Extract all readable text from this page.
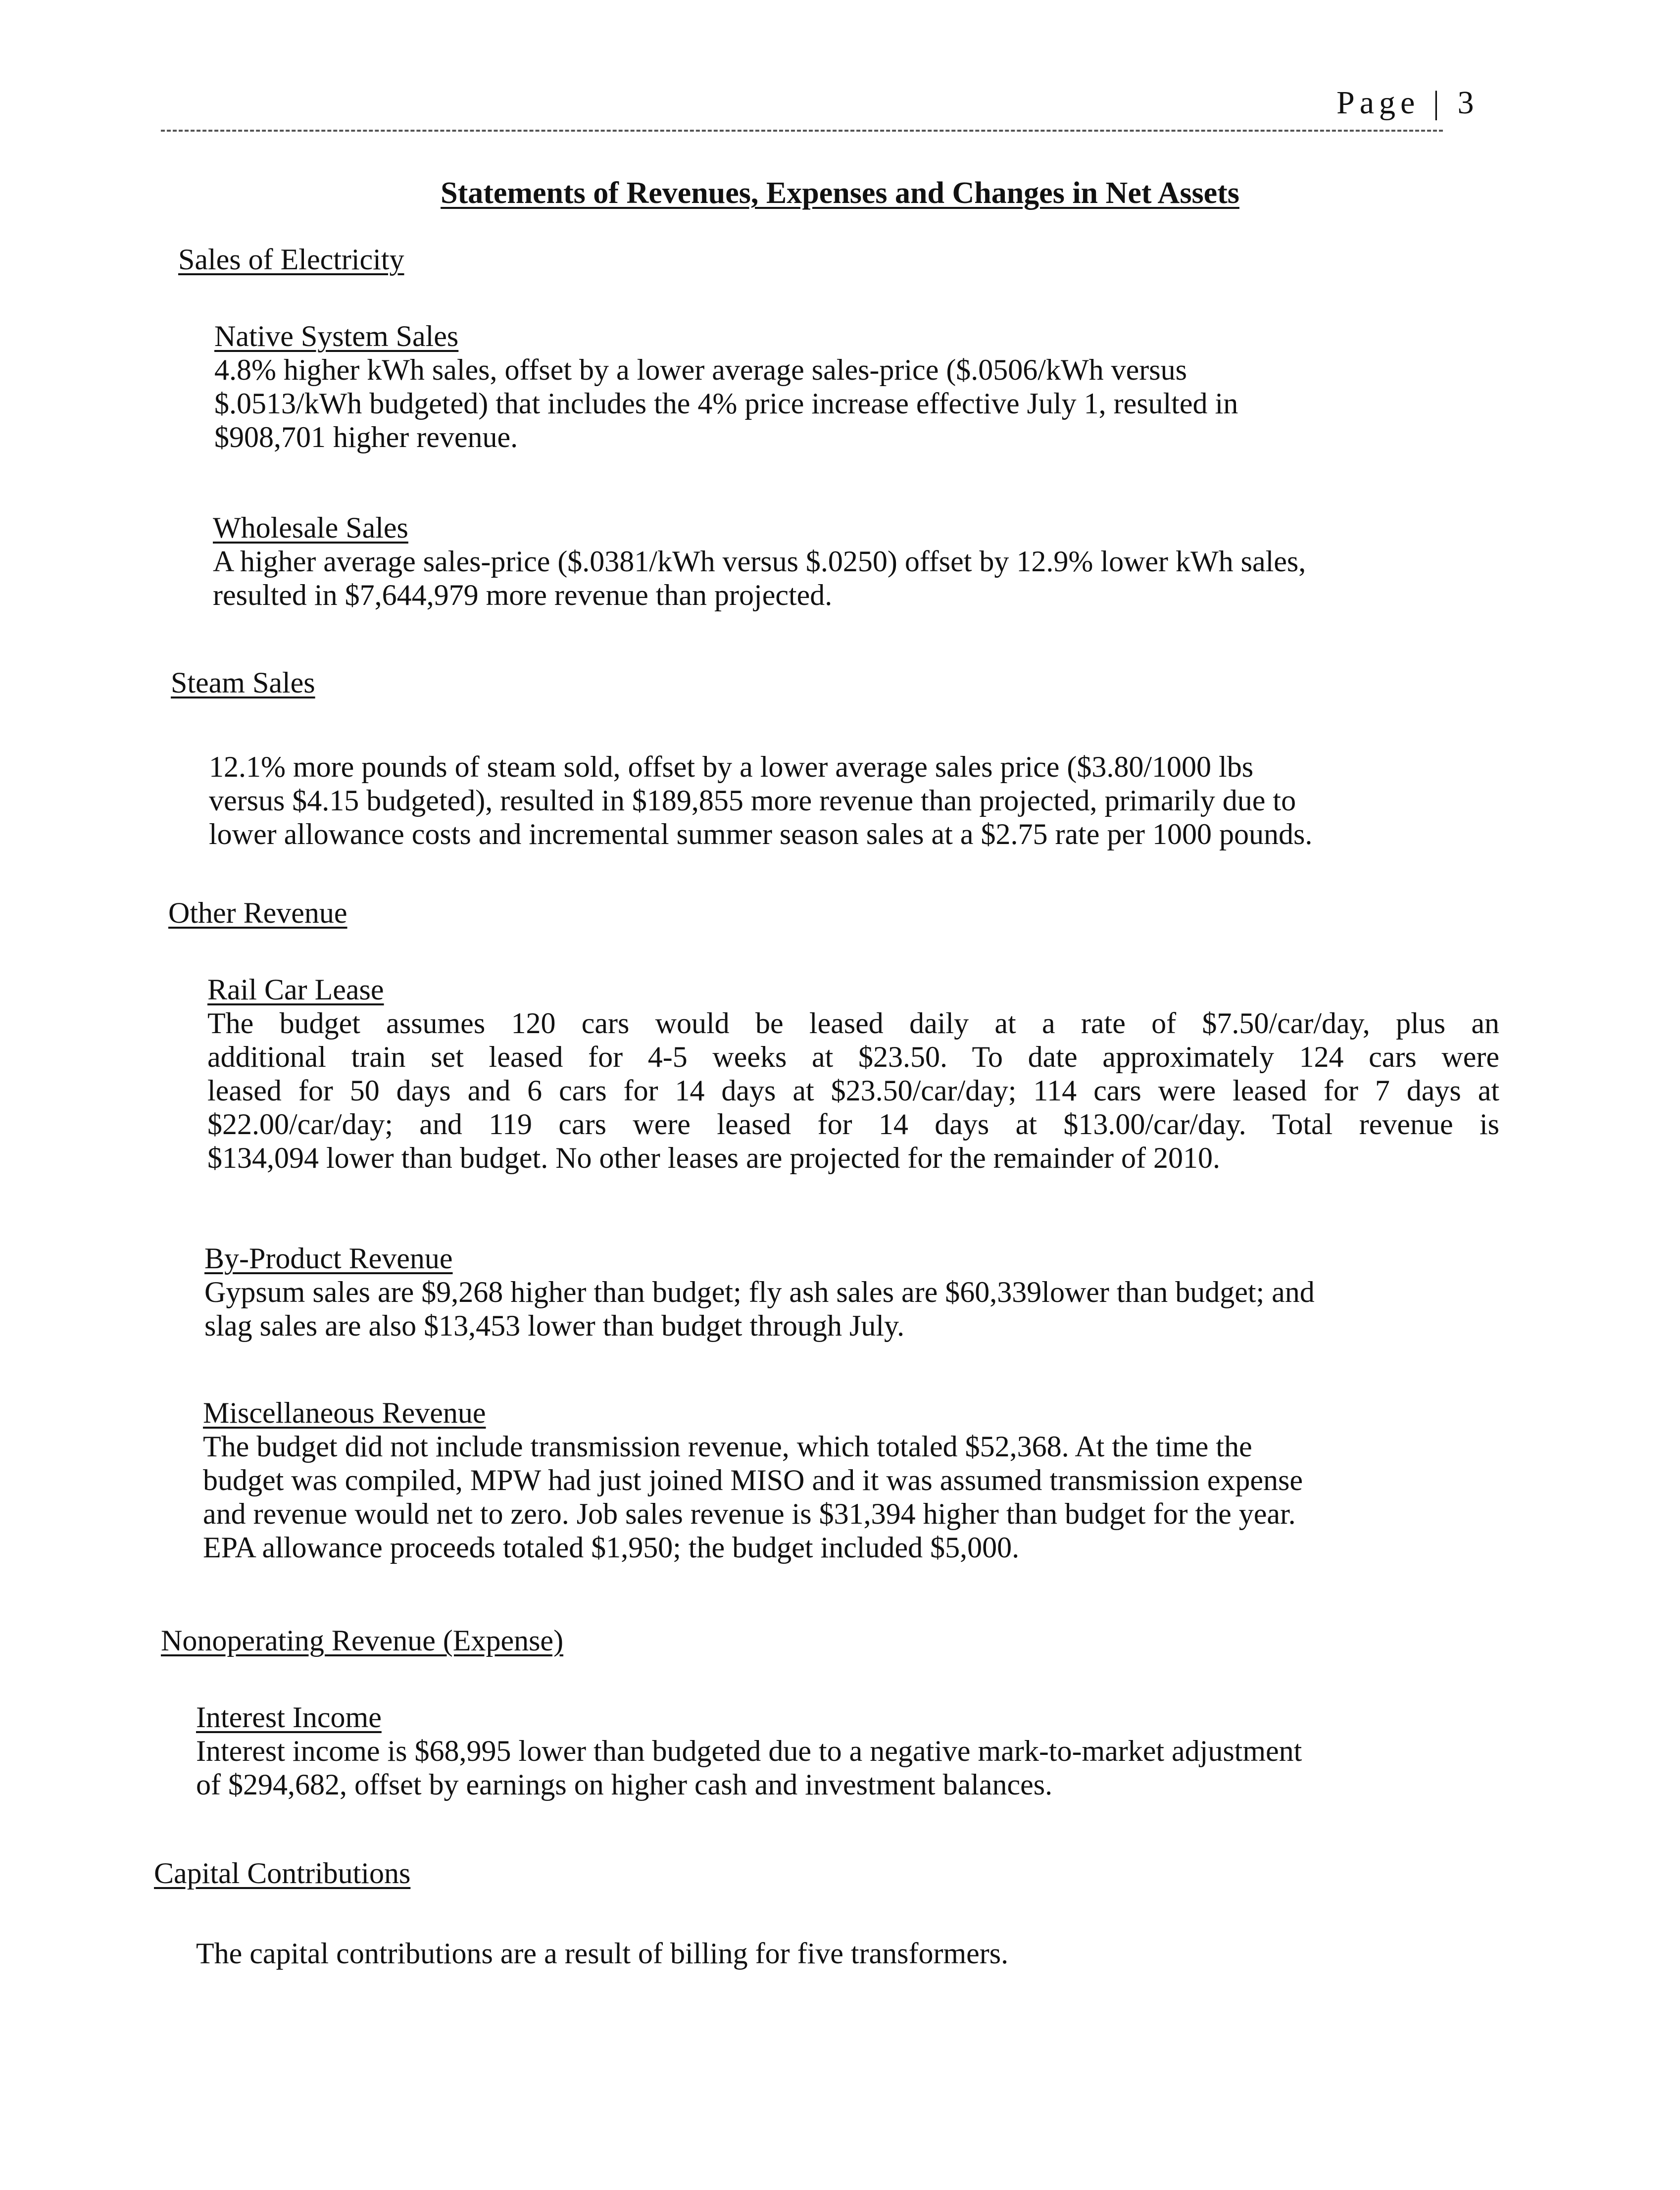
Page | 3
Statements of Revenues, Expenses and Changes in Net Assets
Sales of Electricity
Native System Sales
4.8% higher kWh sales, offset by a lower average sales-price ($.0506/kWh versus
$.0513/kWh budgeted) that includes the 4% price increase effective July 1, resulted in
$908,701 higher revenue.
Wholesale Sales
A higher average sales-price ($.0381/kWh versus $.0250) offset by 12.9% lower kWh sales,
resulted in $7,644,979 more revenue than projected.
Steam Sales
12.1% more pounds of steam sold, offset by a lower average sales price ($3.80/1000 lbs
versus $4.15 budgeted), resulted in $189,855 more revenue than projected, primarily due to
lower allowance costs and incremental summer season sales at a $2.75 rate per 1000 pounds.
Other Revenue
Rail Car Lease
The budget assumes 120 cars would be leased daily at a rate of $7.50/car/day, plus an
additional train set leased for 4-5 weeks at $23.50. To date approximately 124 cars were
leased for 50 days and 6 cars for 14 days at $23.50/car/day; 114 cars were leased for 7 days at
$22.00/car/day; and 119 cars were leased for 14 days at $13.00/car/day. Total revenue is
$134,094 lower than budget. No other leases are projected for the remainder of 2010.
By-Product Revenue
Gypsum sales are $9,268 higher than budget; fly ash sales are $60,339lower than budget; and
slag sales are also $13,453 lower than budget through July.
Miscellaneous Revenue
The budget did not include transmission revenue, which totaled $52,368. At the time the
budget was compiled, MPW had just joined MISO and it was assumed transmission expense
and revenue would net to zero. Job sales revenue is $31,394 higher than budget for the year.
EPA allowance proceeds totaled $1,950; the budget included $5,000.
Nonoperating Revenue (Expense)
Interest Income
Interest income is $68,995 lower than budgeted due to a negative mark-to-market adjustment
of $294,682, offset by earnings on higher cash and investment balances.
Capital Contributions
The capital contributions are a result of billing for five transformers.
